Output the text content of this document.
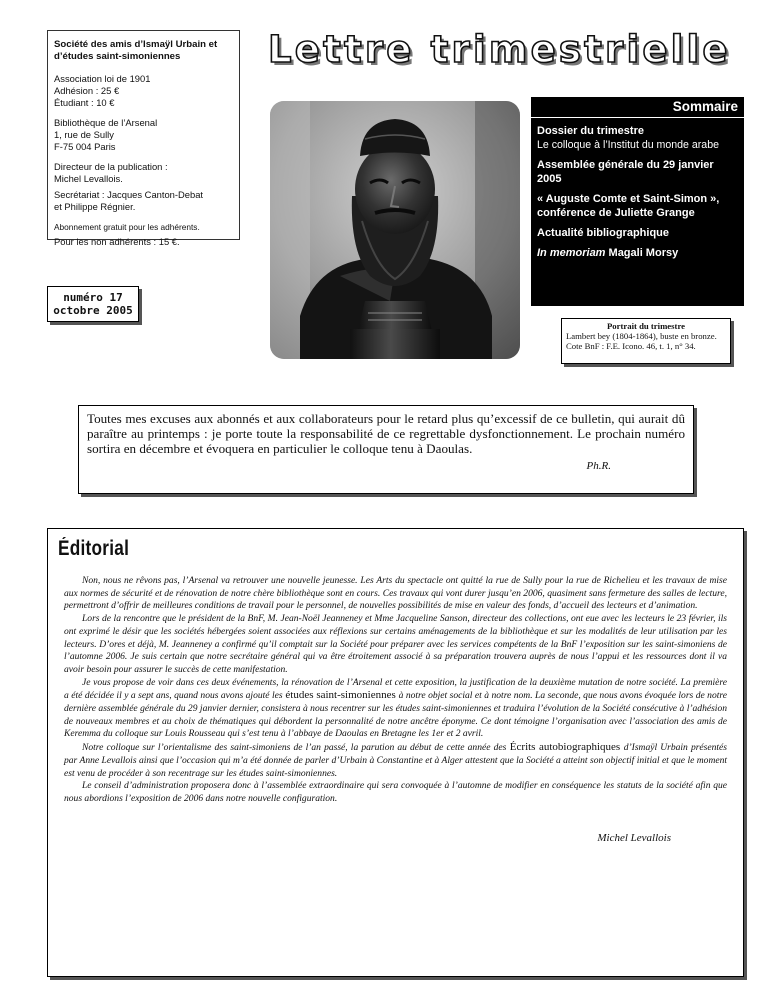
Société des amis d’Ismaÿl Urbain et d’études saint-simoniennes
Association loi de 1901
Adhésion : 25 €
Étudiant : 10 €
Bibliothèque de l’Arsenal
1, rue de Sully
F-75 004 Paris
Directeur de la publication :
Michel Levallois.
Secrétariat : Jacques Canton-Debat
et Philippe Régnier.
Abonnement gratuit pour les adhérents.
Pour les non adhérents : 15 €.
numéro 17
octobre 2005
Lettre trimestrielle
Sommaire
Dossier du trimestre
Le colloque à l’Institut du monde arabe
Assemblée générale du 29 janvier 2005
« Auguste Comte et Saint-Simon », conférence de Juliette Grange
Actualité bibliographique
In memoriam Magali Morsy
Portrait du trimestre
Lambert bey (1804-1864), buste en bronze.
Cote BnF : F.E. Icono. 46, t. 1, n° 34.
Toutes mes excuses aux abonnés et aux collaborateurs pour le retard plus qu’excessif de ce bulletin, qui aurait dû paraître au printemps : je porte toute la responsabilité de ce regrettable dysfonctionnement. Le prochain numéro sortira en décembre et évoquera en particulier le colloque tenu à Daoulas.
Ph.R.
Éditorial

Non, nous ne rêvons pas, l’Arsenal va retrouver une nouvelle jeunesse. Les Arts du spectacle ont quitté la rue de Sully pour la rue de Richelieu et les travaux de mise aux normes de sécurité et de rénovation de notre chère bibliothèque sont en cours. Ces travaux qui vont durer jusqu’en 2006, quasiment sans fermeture des salles de lecture, permettront d’offrir de meilleures conditions de travail pour le personnel, de nouvelles possibilités de mise en valeur des fonds, d’accueil des lecteurs et d’animation.

Lors de la rencontre que le président de la BnF, M. Jean-Noël Jeanneney et Mme Jacqueline Sanson, directeur des collections, ont eue avec les lecteurs le 23 février, ils ont exprimé le désir que les sociétés hébergées soient associées aux réflexions sur certains aménagements de la bibliothèque et sur les modalités de leur utilisation par les lecteurs. D’ores et déjà, M. Jeanneney a confirmé qu’il comptait sur la Société pour préparer avec les services compétents de la BnF l’exposition sur les saint-simoniens de l’automne 2006. Je suis certain que notre secrétaire général qui va être étroitement associé à sa préparation trouvera auprès de nous l’appui et les ressources dont il va avoir besoin pour assurer le succès de cette manifestation.

Je vous propose de voir dans ces deux événements, la rénovation de l’Arsenal et cette exposition, la justification de la deuxième mutation de notre société. La première a été décidée il y a sept ans, quand nous avons ajouté les études saint-simoniennes à notre objet social et à notre nom. La seconde, que nous avons évoquée lors de notre dernière assemblée générale du 29 janvier dernier, consistera à nous recentrer sur les études saint-simoniennes et traduira l’évolution de la Société consécutive à l’adhésion de nouveaux membres et au choix de thématiques qui débordent la personnalité de notre ancêtre éponyme. Ce dont témoigne l’organisation avec l’association des amis de Keremma du colloque sur Louis Rousseau qui s’est tenu à l’abbaye de Daoulas en Bretagne les 1er et 2 avril.

Notre colloque sur l’orientalisme des saint-simoniens de l’an passé, la parution au début de cette année des Écrits autobiographiques d’Ismaÿl Urbain présentés par Anne Levallois ainsi que l’occasion qui m’a été donnée de parler d’Urbain à Constantine et à Alger attestent que la Société a atteint son objectif initial et que le moment est venu de procéder à son recentrage sur les études saint-simoniennes.

Le conseil d’administration proposera donc à l’assemblée extraordinaire qui sera convoquée à l’automne de modifier en conséquence les statuts de la société afin que nous abordions l’exposition de 2006 dans notre nouvelle configuration.

Michel Levallois
